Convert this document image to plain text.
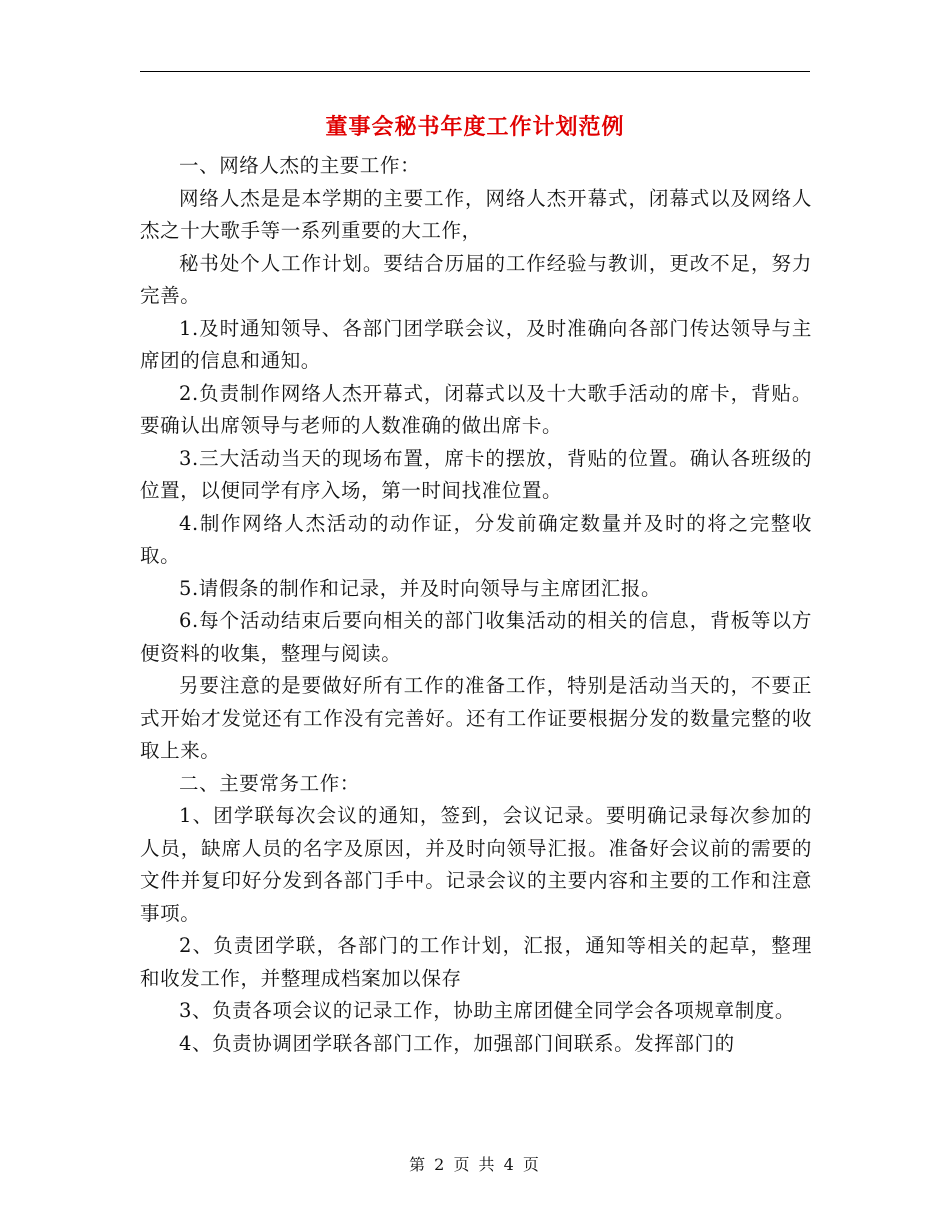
董事会秘书年度工作计划范例

一、网络人杰的主要工作：

网络人杰是是本学期的主要工作，网络人杰开幕式，闭幕式以及网络人杰之十大歌手等一系列重要的大工作，

秘书处个人工作计划。要结合历届的工作经验与教训，更改不足，努力完善。

1.及时通知领导、各部门团学联会议，及时准确向各部门传达领导与主席团的信息和通知。

2.负责制作网络人杰开幕式，闭幕式以及十大歌手活动的席卡，背贴。要确认出席领导与老师的人数准确的做出席卡。

3.三大活动当天的现场布置，席卡的摆放，背贴的位置。确认各班级的位置，以便同学有序入场，第一时间找准位置。

4.制作网络人杰活动的动作证，分发前确定数量并及时的将之完整收取。

5.请假条的制作和记录，并及时向领导与主席团汇报。

6.每个活动结束后要向相关的部门收集活动的相关的信息，背板等以方便资料的收集，整理与阅读。

另要注意的是要做好所有工作的准备工作，特别是活动当天的，不要正式开始才发觉还有工作没有完善好。还有工作证要根据分发的数量完整的收取上来。

二、主要常务工作：

1、团学联每次会议的通知，签到，会议记录。要明确记录每次参加的人员，缺席人员的名字及原因，并及时向领导汇报。准备好会议前的需要的文件并复印好分发到各部门手中。记录会议的主要内容和主要的工作和注意事项。

2、负责团学联，各部门的工作计划，汇报，通知等相关的起草，整理和收发工作，并整理成档案加以保存

3、负责各项会议的记录工作，协助主席团健全同学会各项规章制度。

4、负责协调团学联各部门工作，加强部门间联系。发挥部门的

第 2 页 共 4 页
